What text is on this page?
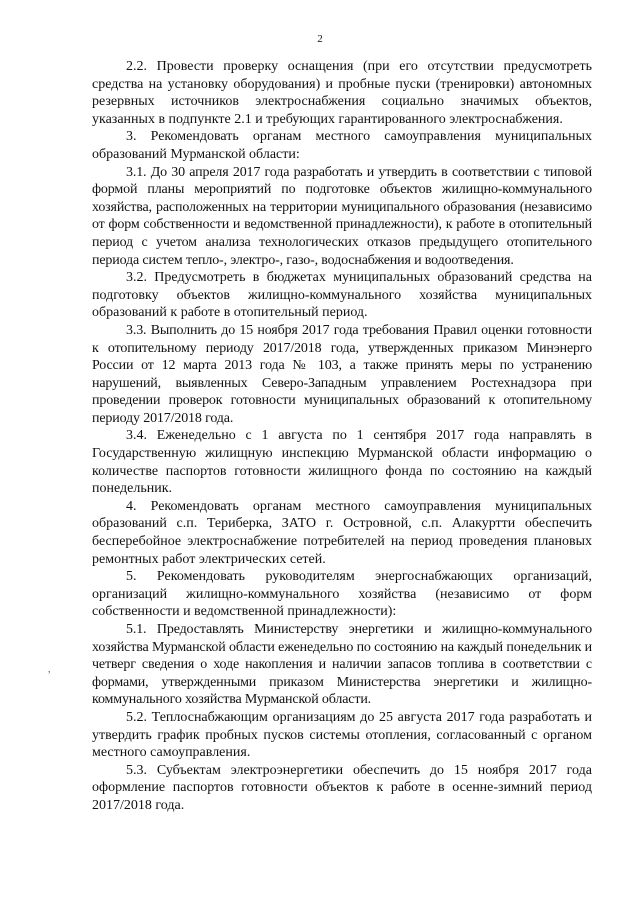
2
,

2.2. Провести проверку оснащения (при его отсутствии предусмотреть средства на установку оборудования) и пробные пуски (тренировки) автономных резервных источников электроснабжения социально значимых объектов, указанных в подпункте 2.1 и требующих гарантированного электроснабжения.

3. Рекомендовать органам местного самоуправления муниципальных образований Мурманской области:

3.1. До 30 апреля 2017 года разработать и утвердить в соответствии с типовой формой планы мероприятий по подготовке объектов жилищно-коммунального хозяйства, расположенных на территории муниципального образования (независимо от форм собственности и ведомственной принадлежности), к работе в отопительный период с учетом анализа технологических отказов предыдущего отопительного периода систем тепло-, электро-, газо-, водоснабжения и водоотведения.

3.2. Предусмотреть в бюджетах муниципальных образований средства на подготовку объектов жилищно-коммунального хозяйства муниципальных образований к работе в отопительный период.

3.3. Выполнить до 15 ноября 2017 года требования Правил оценки готовности к отопительному периоду 2017/2018 года, утвержденных приказом Минэнерго России от 12 марта 2013 года № 103, а также принять меры по устранению нарушений, выявленных Северо-Западным управлением Ростехнадзора при проведении проверок готовности муниципальных образований к отопительному периоду 2017/2018 года.

3.4. Еженедельно с 1 августа по 1 сентября 2017 года направлять в Государственную жилищную инспекцию Мурманской области информацию о количестве паспортов готовности жилищного фонда по состоянию на каждый понедельник.

4. Рекомендовать органам местного самоуправления муниципальных образований с.п. Териберка, ЗАТО г. Островной, с.п. Алакуртти обеспечить бесперебойное электроснабжение потребителей на период проведения плановых ремонтных работ электрических сетей.

5. Рекомендовать руководителям энергоснабжающих организаций, организаций жилищно-коммунального хозяйства (независимо от форм собственности и ведомственной принадлежности):

5.1. Предоставлять Министерству энергетики и жилищно-коммунального хозяйства Мурманской области еженедельно по состоянию на каждый понедельник и четверг сведения о ходе накопления и наличии запасов топлива в соответствии с формами, утвержденными приказом Министерства энергетики и жилищно-коммунального хозяйства Мурманской области.

5.2. Теплоснабжающим организациям до 25 августа 2017 года разработать и утвердить график пробных пусков системы отопления, согласованный с органом местного самоуправления.

5.3. Субъектам электроэнергетики обеспечить до 15 ноября 2017 года оформление паспортов готовности объектов к работе в осенне-зимний период 2017/2018 года.
